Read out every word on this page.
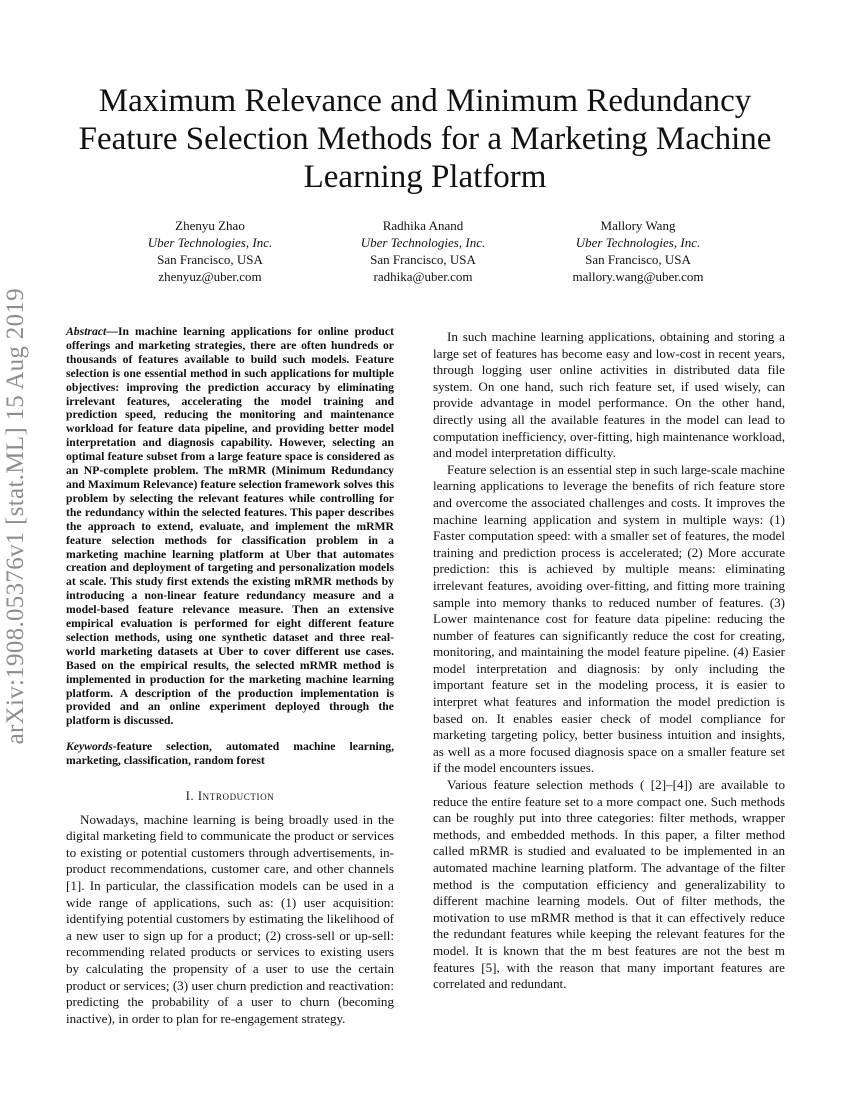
arXiv:1908.05376v1 [stat.ML] 15 Aug 2019
Maximum Relevance and Minimum Redundancy Feature Selection Methods for a Marketing Machine Learning Platform
Zhenyu Zhao
Uber Technologies, Inc.
San Francisco, USA
zhenyuz@uber.com
Radhika Anand
Uber Technologies, Inc.
San Francisco, USA
radhika@uber.com
Mallory Wang
Uber Technologies, Inc.
San Francisco, USA
mallory.wang@uber.com

Abstract—In machine learning applications for online product offerings and marketing strategies, there are often hundreds or thousands of features available to build such models. Feature selection is one essential method in such applications for multiple objectives: improving the prediction accuracy by eliminating irrelevant features, accelerating the model training and prediction speed, reducing the monitoring and maintenance workload for feature data pipeline, and providing better model interpretation and diagnosis capability. However, selecting an optimal feature subset from a large feature space is considered as an NP-complete problem. The mRMR (Minimum Redundancy and Maximum Relevance) feature selection framework solves this problem by selecting the relevant features while controlling for the redundancy within the selected features. This paper describes the approach to extend, evaluate, and implement the mRMR feature selection methods for classification problem in a marketing machine learning platform at Uber that automates creation and deployment of targeting and personalization models at scale. This study first extends the existing mRMR methods by introducing a non-linear feature redundancy measure and a model-based feature relevance measure. Then an extensive empirical evaluation is performed for eight different feature selection methods, using one synthetic dataset and three real-world marketing datasets at Uber to cover different use cases. Based on the empirical results, the selected mRMR method is implemented in production for the marketing machine learning platform. A description of the production implementation is provided and an online experiment deployed through the platform is discussed.

Keywords-feature selection, automated machine learning, marketing, classification, random forest

I. Introduction

Nowadays, machine learning is being broadly used in the digital marketing field to communicate the product or services to existing or potential customers through advertisements, in-product recommendations, customer care, and other channels [1]. In particular, the classification models can be used in a wide range of applications, such as: (1) user acquisition: identifying potential customers by estimating the likelihood of a new user to sign up for a product; (2) cross-sell or up-sell: recommending related products or services to existing users by calculating the propensity of a user to use the certain product or services; (3) user churn prediction and reactivation: predicting the probability of a user to churn (becoming inactive), in order to plan for re-engagement strategy.

In such machine learning applications, obtaining and storing a large set of features has become easy and low-cost in recent years, through logging user online activities in distributed data file system. On one hand, such rich feature set, if used wisely, can provide advantage in model performance. On the other hand, directly using all the available features in the model can lead to computation inefficiency, over-fitting, high maintenance workload, and model interpretation difficulty.

Feature selection is an essential step in such large-scale machine learning applications to leverage the benefits of rich feature store and overcome the associated challenges and costs. It improves the machine learning application and system in multiple ways: (1) Faster computation speed: with a smaller set of features, the model training and prediction process is accelerated; (2) More accurate prediction: this is achieved by multiple means: eliminating irrelevant features, avoiding over-fitting, and fitting more training sample into memory thanks to reduced number of features. (3) Lower maintenance cost for feature data pipeline: reducing the number of features can significantly reduce the cost for creating, monitoring, and maintaining the model feature pipeline. (4) Easier model interpretation and diagnosis: by only including the important feature set in the modeling process, it is easier to interpret what features and information the model prediction is based on. It enables easier check of model compliance for marketing targeting policy, better business intuition and insights, as well as a more focused diagnosis space on a smaller feature set if the model encounters issues.

Various feature selection methods ( [2]–[4]) are available to reduce the entire feature set to a more compact one. Such methods can be roughly put into three categories: filter methods, wrapper methods, and embedded methods. In this paper, a filter method called mRMR is studied and evaluated to be implemented in an automated machine learning platform. The advantage of the filter method is the computation efficiency and generalizability to different machine learning models. Out of filter methods, the motivation to use mRMR method is that it can effectively reduce the redundant features while keeping the relevant features for the model. It is known that the m best features are not the best m features [5], with the reason that many important features are correlated and redundant.
